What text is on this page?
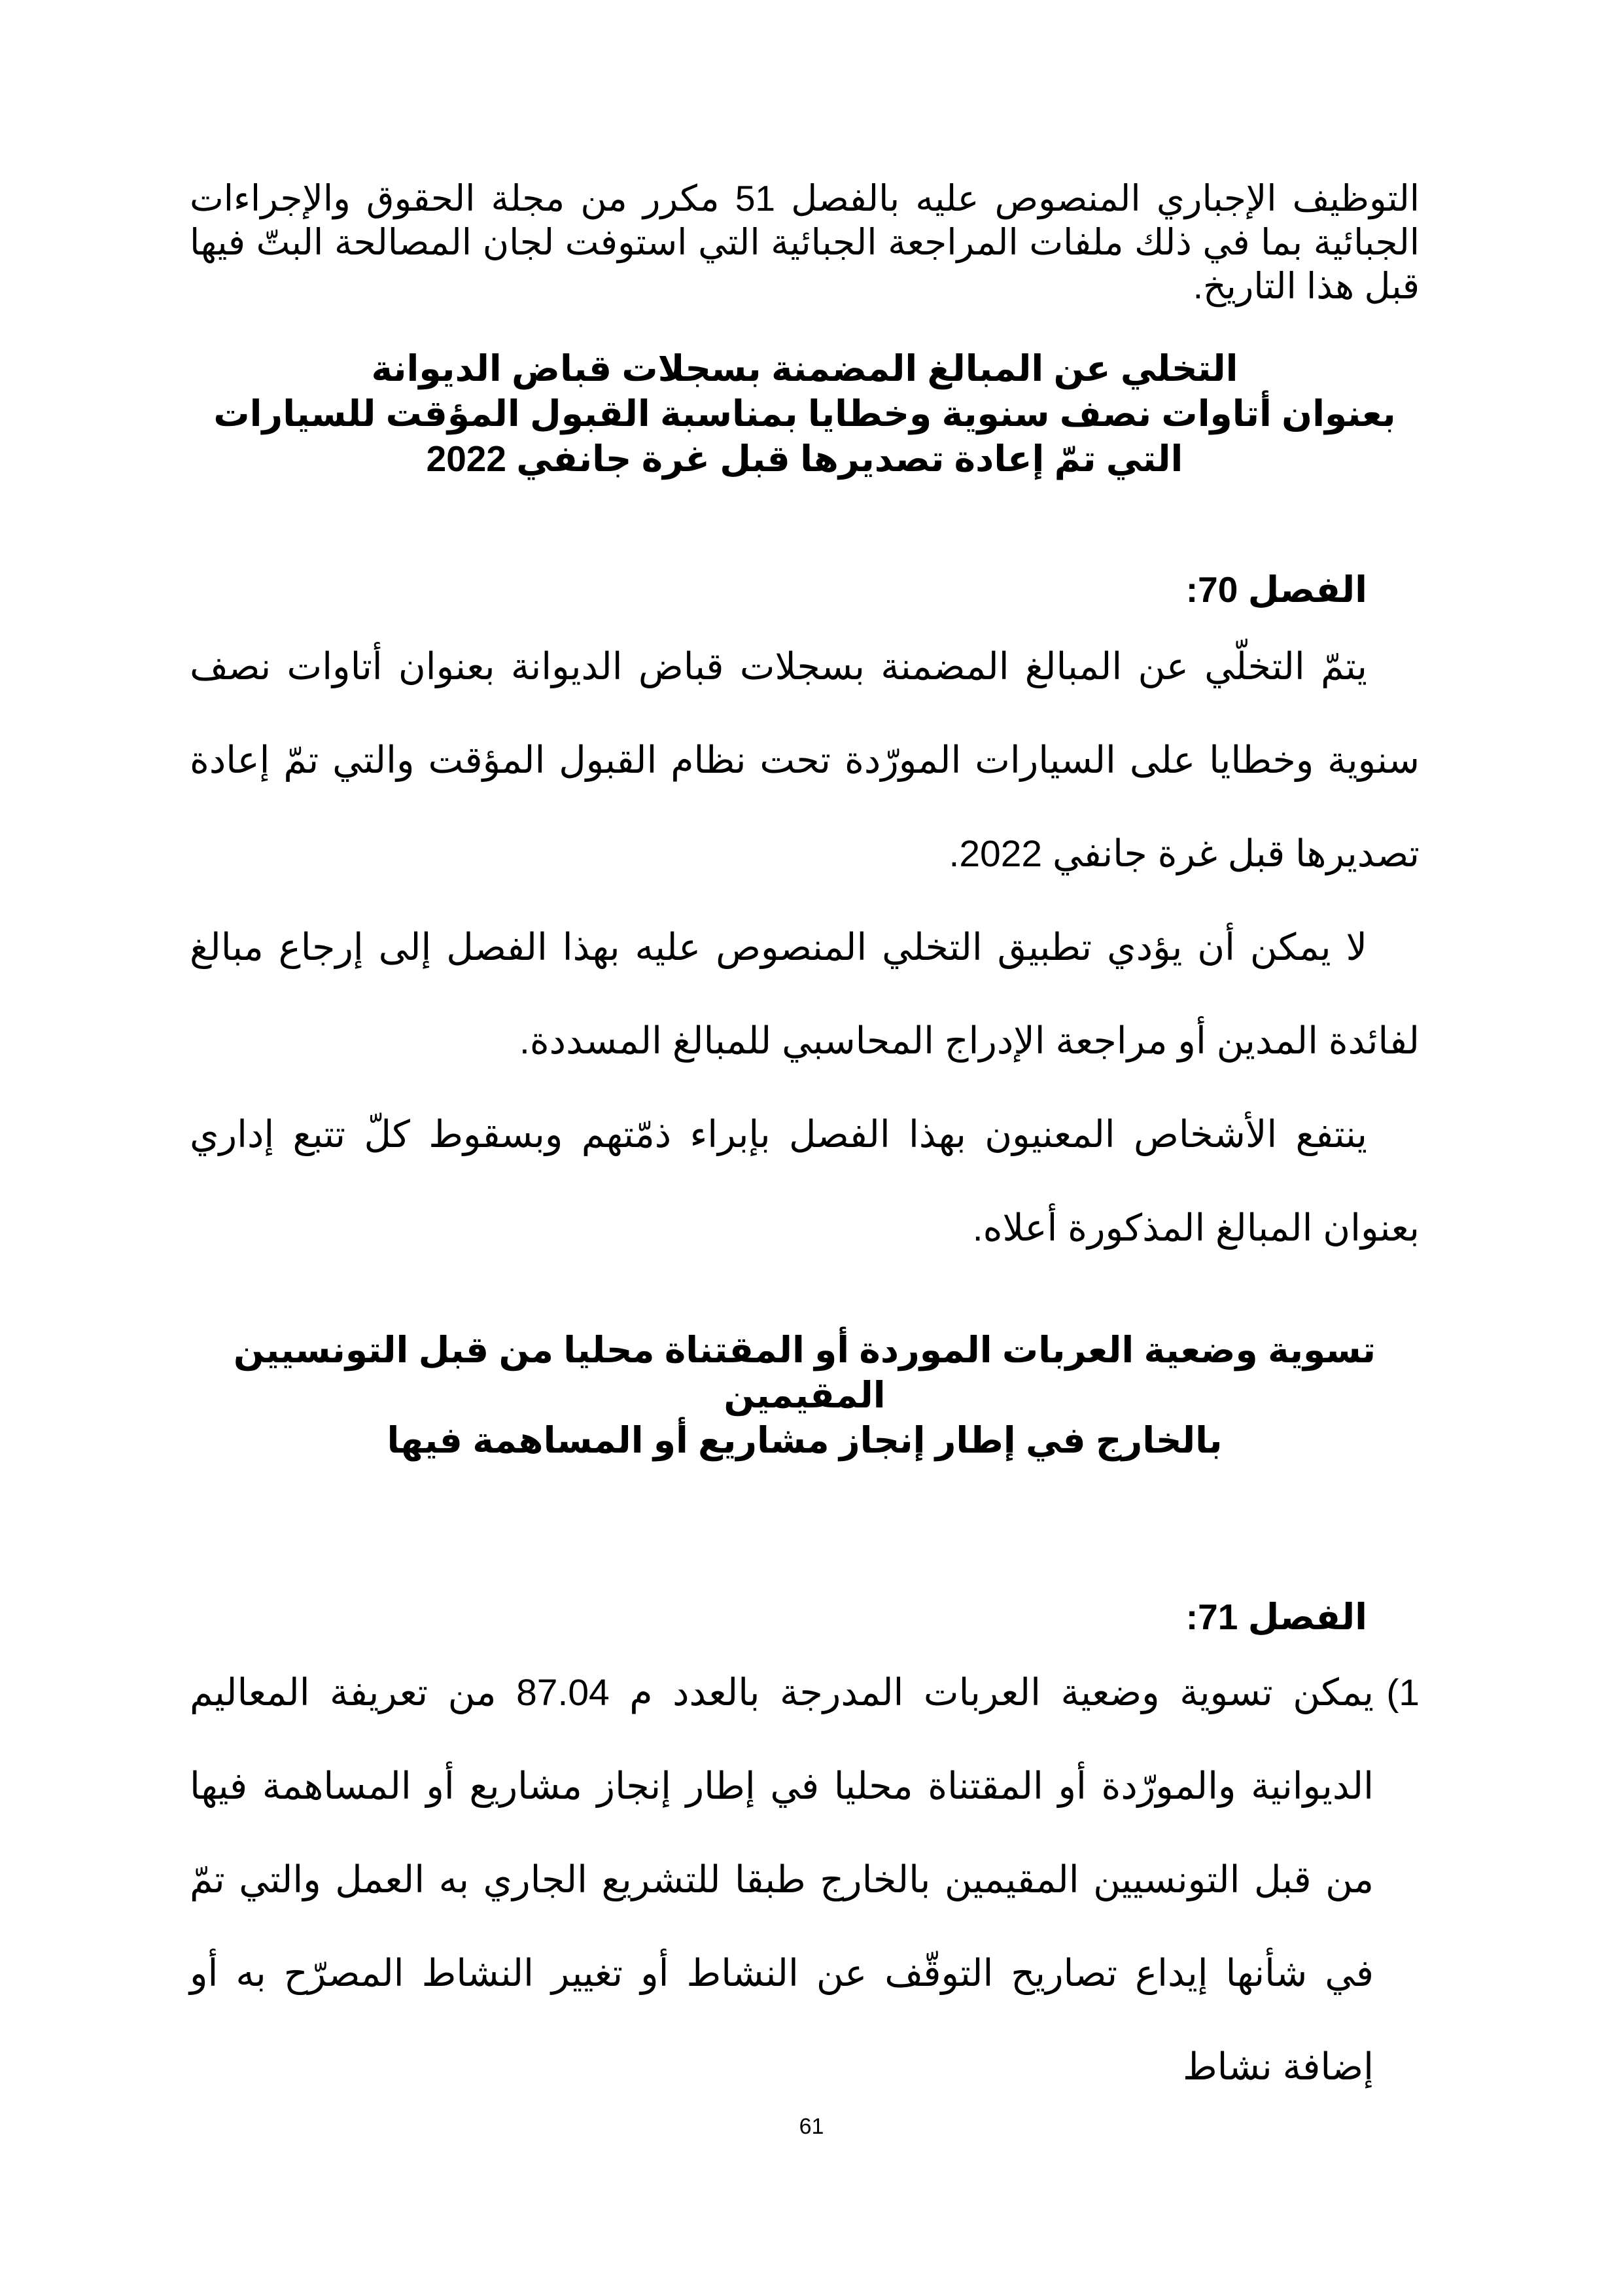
التوظيف الإجباري المنصوص عليه بالفصل 51 مكرر من مجلة الحقوق والإجراءات الجبائية بما في ذلك ملفات المراجعة الجبائية التي استوفت لجان المصالحة البتّ فيها قبل هذا التاريخ.

التخلي عن المبالغ المضمنة بسجلات قباض الديوانة
بعنوان أتاوات نصف سنوية وخطايا بمناسبة القبول المؤقت للسيارات
التي تمّ إعادة تصديرها قبل غرة جانفي 2022

الفصل 70:

يتمّ التخلّي عن المبالغ المضمنة بسجلات قباض الديوانة بعنوان أتاوات نصف سنوية وخطايا على السيارات المورّدة تحت نظام القبول المؤقت والتي تمّ إعادة تصديرها قبل غرة جانفي 2022.

لا يمكن أن يؤدي تطبيق التخلي المنصوص عليه بهذا الفصل إلى إرجاع مبالغ لفائدة المدين أو مراجعة الإدراج المحاسبي للمبالغ المسددة.

ينتفع الأشخاص المعنيون بهذا الفصل بإبراء ذمّتهم وبسقوط كلّ تتبع إداري بعنوان المبالغ المذكورة أعلاه.

تسوية وضعية العربات الموردة أو المقتناة محليا من قبل التونسيين المقيمين
بالخارج في إطار إنجاز مشاريع أو المساهمة فيها

الفصل 71:

1)
يمكن تسوية وضعية العربات المدرجة بالعدد م 87.04 من تعريفة المعاليم الديوانية والمورّدة أو المقتناة محليا في إطار إنجاز مشاريع أو المساهمة فيها من قبل التونسيين المقيمين بالخارج طبقا للتشريع الجاري به العمل والتي تمّ في شأنها إيداع تصاريح التوقّف عن النشاط أو تغيير النشاط المصرّح به أو إضافة نشاط

61
